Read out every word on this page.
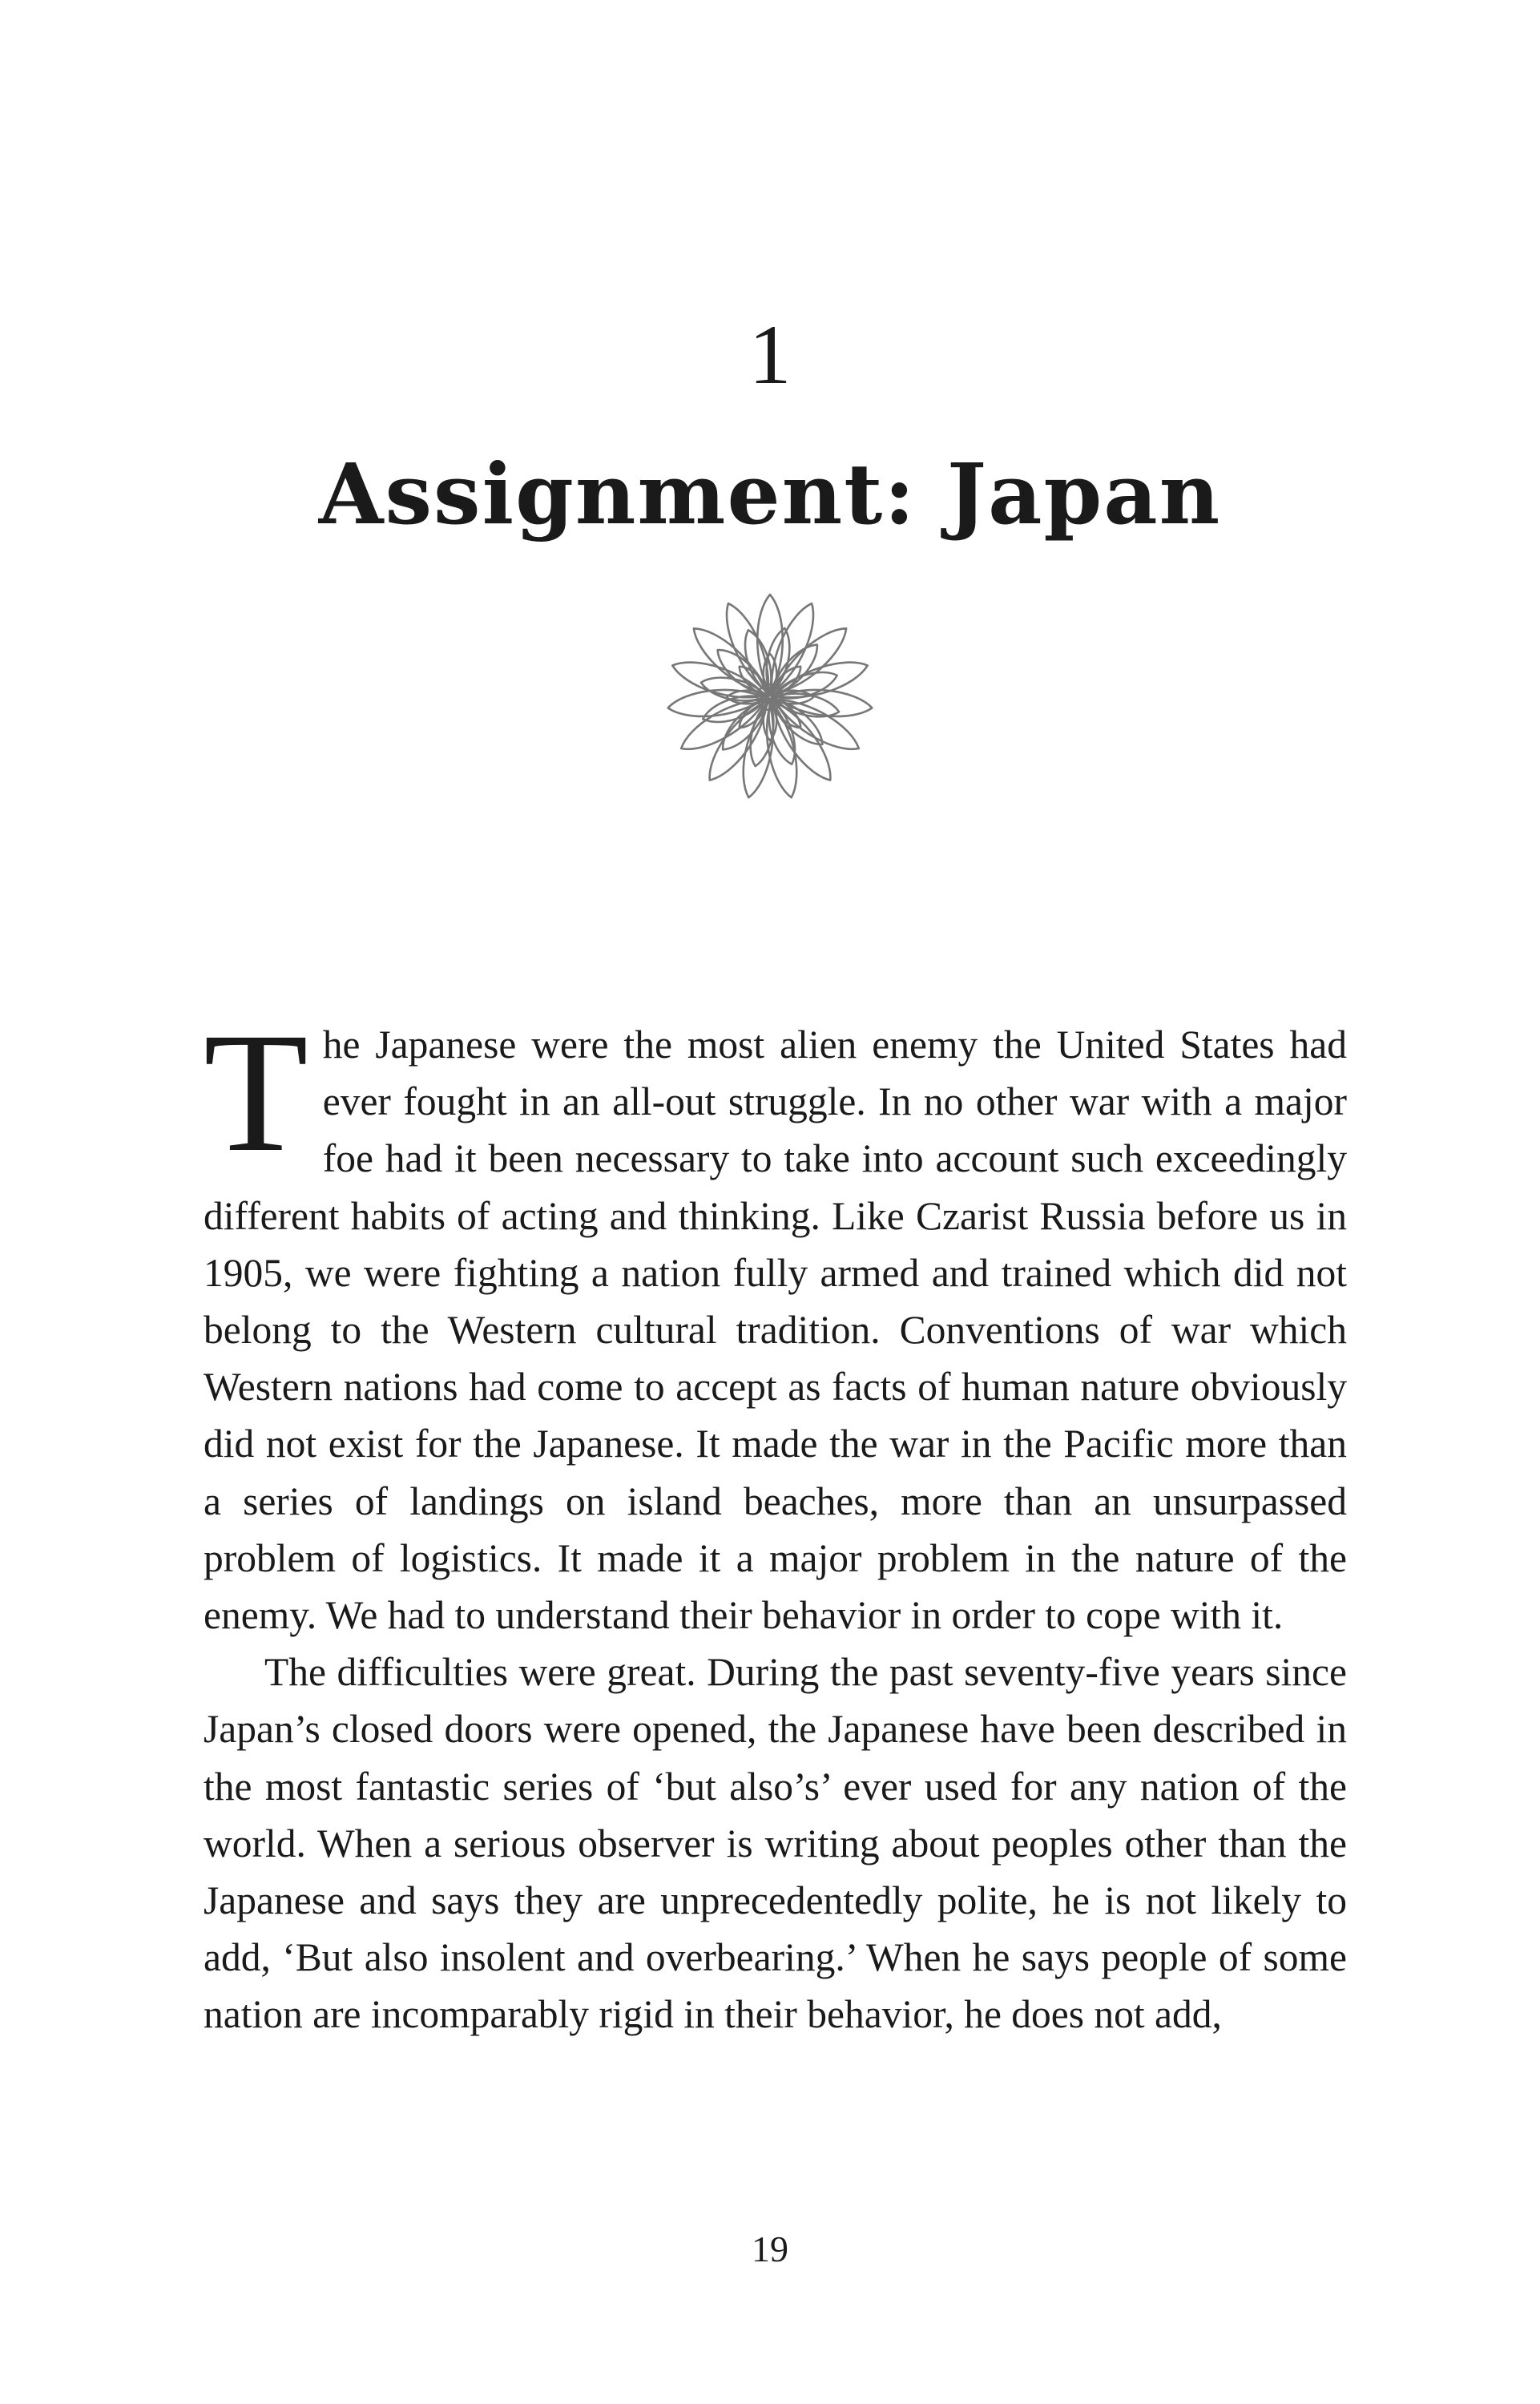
1
Assignment: Japan

The Japanese were the most alien enemy the United States had ever fought in an all-out struggle. In no other war with a major foe had it been necessary to take into account such exceedingly different habits of acting and thinking. Like Czarist Russia before us in 1905, we were fighting a nation fully armed and trained which did not belong to the Western cultural tradition. Conventions of war which Western nations had come to accept as facts of human nature obviously did not exist for the Japanese. It made the war in the Pacific more than a series of landings on island beaches, more than an unsurpassed problem of logistics. It made it a major problem in the nature of the enemy. We had to understand their behavior in order to cope with it.

The difficulties were great. During the past seventy-five years since Japan’s closed doors were opened, the Japanese have been described in the most fantastic series of ‘but also’s’ ever used for any nation of the world. When a serious observer is writing about peoples other than the Japanese and says they are unprecedentedly polite, he is not likely to add, ‘But also insolent and overbearing.’ When he says people of some nation are incomparably rigid in their behavior, he does not add,

19
